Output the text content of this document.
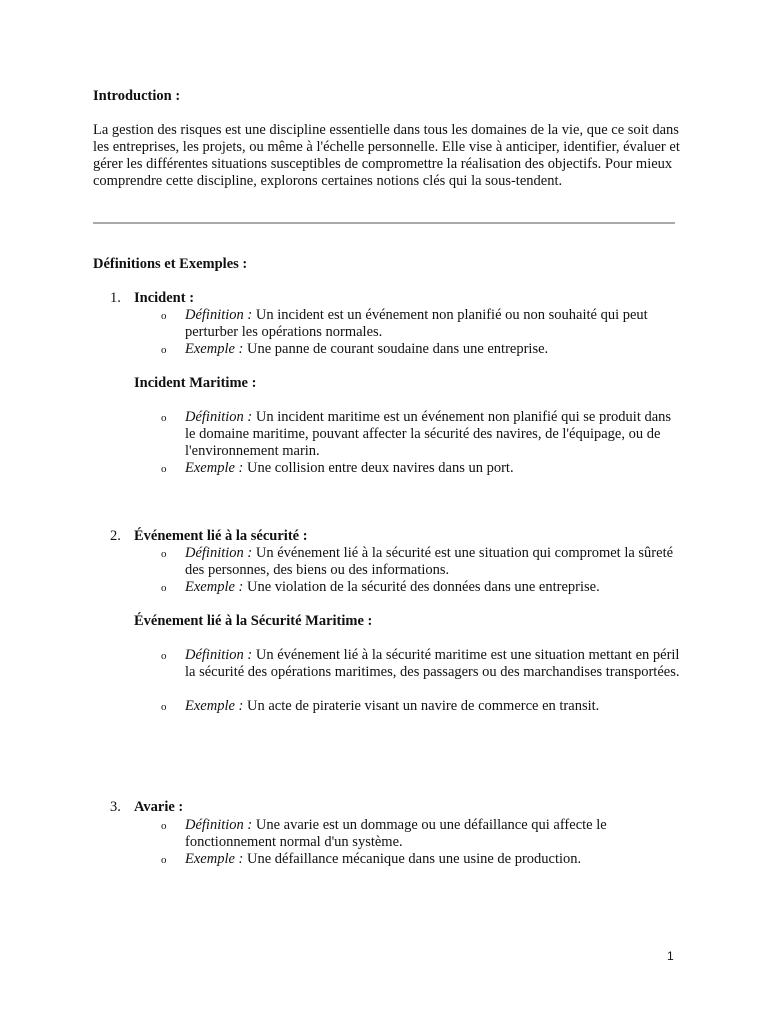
Introduction :
La gestion des risques est une discipline essentielle dans tous les domaines de la vie, que ce soit dans les entreprises, les projets, ou même à l'échelle personnelle. Elle vise à anticiper, identifier, évaluer et gérer les différentes situations susceptibles de compromettre la réalisation des objectifs. Pour mieux comprendre cette discipline, explorons certaines notions clés qui la sous-tendent.
Définitions et Exemples :
1. Incident :
o Définition : Un incident est un événement non planifié ou non souhaité qui peut perturber les opérations normales.
o Exemple : Une panne de courant soudaine dans une entreprise.
Incident Maritime :
o Définition : Un incident maritime est un événement non planifié qui se produit dans le domaine maritime, pouvant affecter la sécurité des navires, de l'équipage, ou de l'environnement marin.
o Exemple : Une collision entre deux navires dans un port.
2. Événement lié à la sécurité :
o Définition : Un événement lié à la sécurité est une situation qui compromet la sûreté des personnes, des biens ou des informations.
o Exemple : Une violation de la sécurité des données dans une entreprise.
Événement lié à la Sécurité Maritime :
o Définition : Un événement lié à la sécurité maritime est une situation mettant en péril la sécurité des opérations maritimes, des passagers ou des marchandises transportées.
o Exemple : Un acte de piraterie visant un navire de commerce en transit.
3. Avarie :
o Définition : Une avarie est un dommage ou une défaillance qui affecte le fonctionnement normal d'un système.
o Exemple : Une défaillance mécanique dans une usine de production.
1
